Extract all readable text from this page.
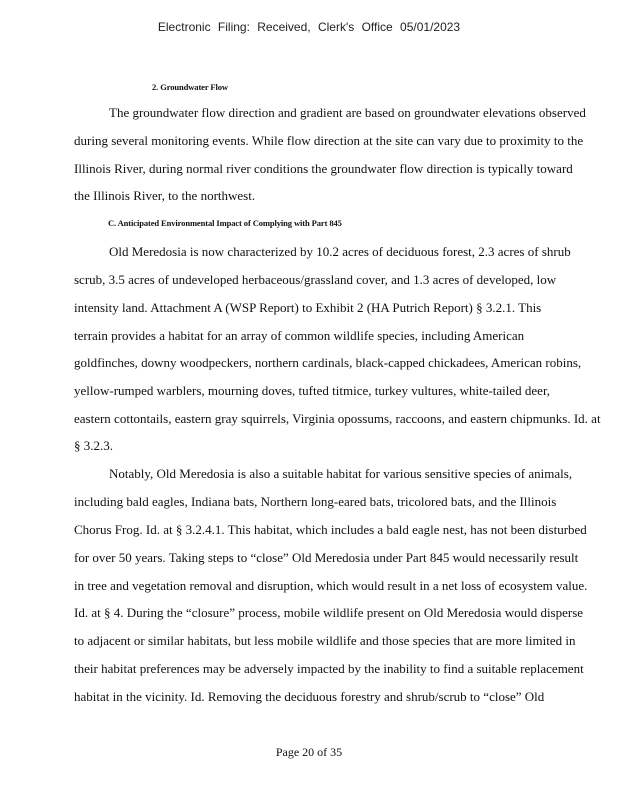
Electronic Filing: Received, Clerk's Office 05/01/2023
2. Groundwater Flow
The groundwater flow direction and gradient are based on groundwater elevations observed
during several monitoring events. While flow direction at the site can vary due to proximity to the
Illinois River, during normal river conditions the groundwater flow direction is typically toward
the Illinois River, to the northwest.
C. Anticipated Environmental Impact of Complying with Part 845
Old Meredosia is now characterized by 10.2 acres of deciduous forest, 2.3 acres of shrub
scrub, 3.5 acres of undeveloped herbaceous/grassland cover, and 1.3 acres of developed, low
intensity land. Attachment A (WSP Report) to Exhibit 2 (HA Putrich Report) § 3.2.1. This
terrain provides a habitat for an array of common wildlife species, including American
goldfinches, downy woodpeckers, northern cardinals, black-capped chickadees, American robins,
yellow-rumped warblers, mourning doves, tufted titmice, turkey vultures, white-tailed deer,
eastern cottontails, eastern gray squirrels, Virginia opossums, raccoons, and eastern chipmunks. Id. at
§ 3.2.3.
Notably, Old Meredosia is also a suitable habitat for various sensitive species of animals,
including bald eagles, Indiana bats, Northern long-eared bats, tricolored bats, and the Illinois
Chorus Frog. Id. at § 3.2.4.1. This habitat, which includes a bald eagle nest, has not been disturbed
for over 50 years. Taking steps to “close” Old Meredosia under Part 845 would necessarily result
in tree and vegetation removal and disruption, which would result in a net loss of ecosystem value.
Id. at § 4. During the “closure” process, mobile wildlife present on Old Meredosia would disperse
to adjacent or similar habitats, but less mobile wildlife and those species that are more limited in
their habitat preferences may be adversely impacted by the inability to find a suitable replacement
habitat in the vicinity. Id. Removing the deciduous forestry and shrub/scrub to “close” Old
Page 20 of 35
